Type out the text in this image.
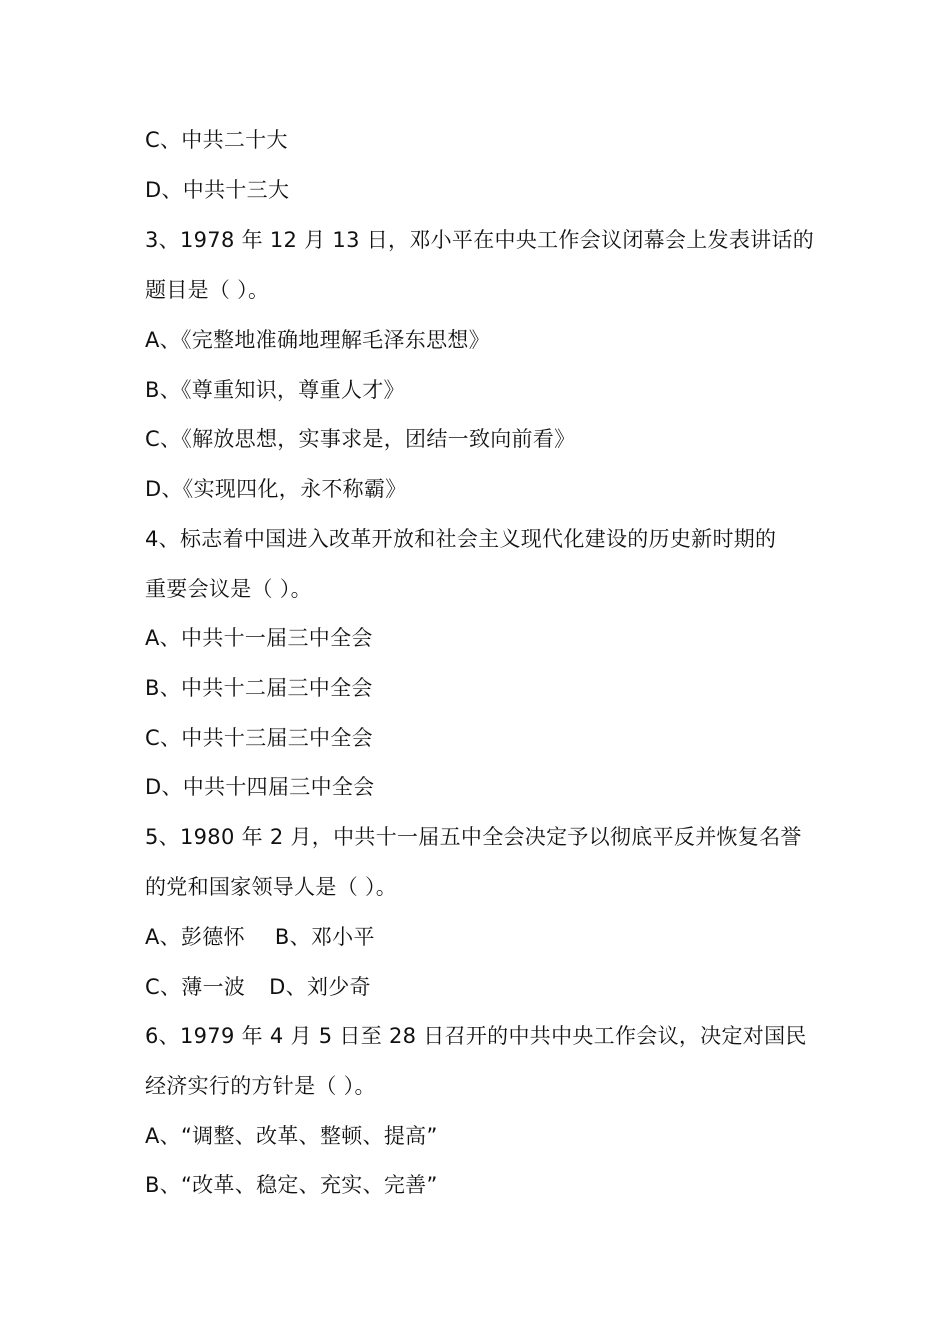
C、中共二十大
D、中共十三大
3、1978 年 12 月 13 日，邓小平在中央工作会议闭幕会上发表讲话的
题目是（ ）。
A、《完整地准确地理解毛泽东思想》
B、《尊重知识，尊重人才》
C、《解放思想，实事求是，团结一致向前看》
D、《实现四化，永不称霸》
4、标志着中国进入改革开放和社会主义现代化建设的历史新时期的
重要会议是（ ）。
A、中共十一届三中全会
B、中共十二届三中全会
C、中共十三届三中全会
D、中共十四届三中全会
5、1980 年 2 月，中共十一届五中全会决定予以彻底平反并恢复名誉
的党和国家领导人是（ ）。
A、彭德怀 B、邓小平
C、薄一波 D、刘少奇
6、1979 年 4 月 5 日至 28 日召开的中共中央工作会议，决定对国民
经济实行的方针是（ ）。
A、“调整、改革、整顿、提高”
B、“改革、稳定、充实、完善”
